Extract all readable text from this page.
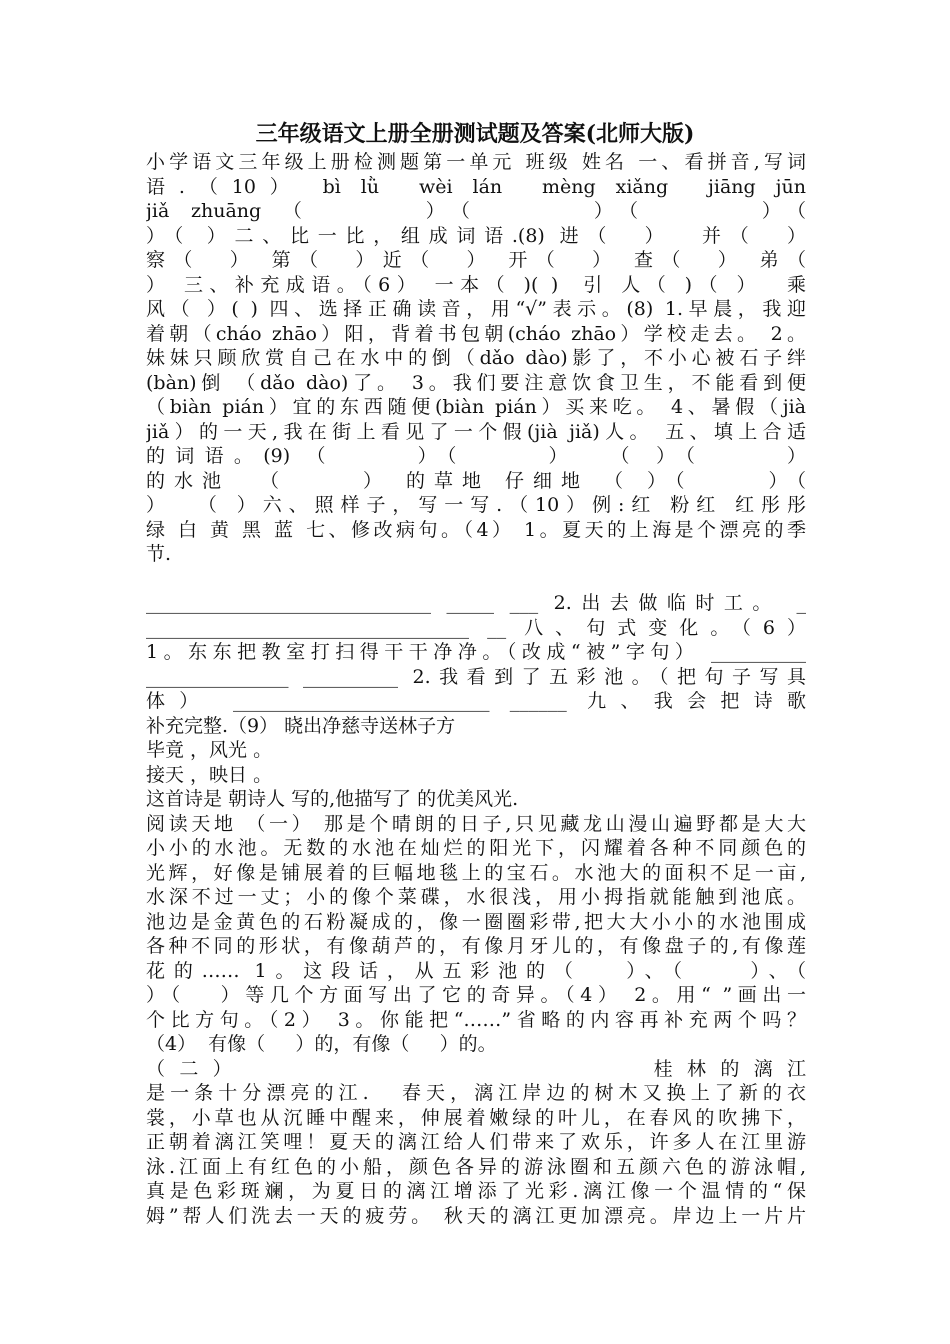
三年级语文上册全册测试题及答案(北师大版)
小学语文三年级上册检测题第一单元 班级 姓名 一、看拼音,写词
语.（10） bì lǜ  wèi lán  mèng xiǎng  jiāng jūn
jiǎ zhuāng （     ）（     ）（     ）（
）（ ）二、比一比，组成词语.(8) 进（  ）  并（  ）
察（  ） 第（  ）近（  ） 开（  ） 查（  ） 弟（
） 三、补充成语。（6） 一本（ )( )  引 人（ )（ ）  乘
风（ ）( ) 四、选择正确读音，用“√”表示。(8) 1.早晨，我迎
着朝（cháo zhāo）阳，背着书包朝(cháo zhāo）学校走去。 2。
妹妹只顾欣赏自己在水中的倒（dǎo dào)影了，不小心被石子绊
(bàn)倒 （dǎo dào)了。 3。我们要注意饮食卫生，不能看到便
（biàn pián）宜的东西随便(biàn pián）买来吃。 4、暑假（jià
jiǎ）的一天,我在街上看见了一个假(jià jiǎ)人。 五、填上合适
的词语。(9) （     ）（     ）  （ ）（     ）
的水池  （     ） 的草地 仔细地 （ ）（     ）（
）  （ ）六、照样子，写一写.（10）例:红 粉红 红彤彤
绿 白 黄 黑 蓝 七、修改病句。（4） 1。夏天的上海是个漂亮的季
节.
______________________________ _____ ___ 2.出去做临时工。 _
__________________________________ __ 八、句式变化。（6）
1。东东把教室打扫得干干净净。（改成“被”字句） __________
_______________ __________ 2.我看到了五彩池。（把句子写具
体） ___________________________ ______ 九、我会把诗歌
补充完整.（9） 晓出净慈寺送林子方
毕竟 ，风光 。
接天 ，映日 。
这首诗是 朝诗人 写的,他描写了 的优美风光.
阅读天地 （一） 那是个晴朗的日子,只见藏龙山漫山遍野都是大大
小小的水池。无数的水池在灿烂的阳光下，闪耀着各种不同颜色的
光辉，好像是铺展着的巨幅地毯上的宝石。水池大的面积不足一亩,
水深不过一丈；小的像个菜碟，水很浅，用小拇指就能触到池底。
池边是金黄色的石粉凝成的，像一圈圈彩带,把大大小小的水池围成
各种不同的形状，有像葫芦的，有像月牙儿的，有像盘子的,有像莲
花的…… 1。这段话，从五彩池的（   ）、（    ）、（
）（   ）等几个方面写出了它的奇异。（4） 2。用“ ”画出一
个比方句。（2） 3。你能把“……”省略的内容再补充两个吗？
（4）  有像（     ）的，有像（     ）的。
（二）                    桂林的漓江
是一条十分漂亮的江.   春天，漓江岸边的树木又换上了新的衣
裳，小草也从沉睡中醒来，伸展着嫩绿的叶儿，在春风的吹拂下，
正朝着漓江笑哩！夏天的漓江给人们带来了欢乐，许多人在江里游
泳.江面上有红色的小船，颜色各异的游泳圈和五颜六色的游泳帽,
真是色彩斑斓，为夏日的漓江增添了光彩.漓江像一个温情的“保
姆”帮人们洗去一天的疲劳。 秋天的漓江更加漂亮。岸边上一片片
